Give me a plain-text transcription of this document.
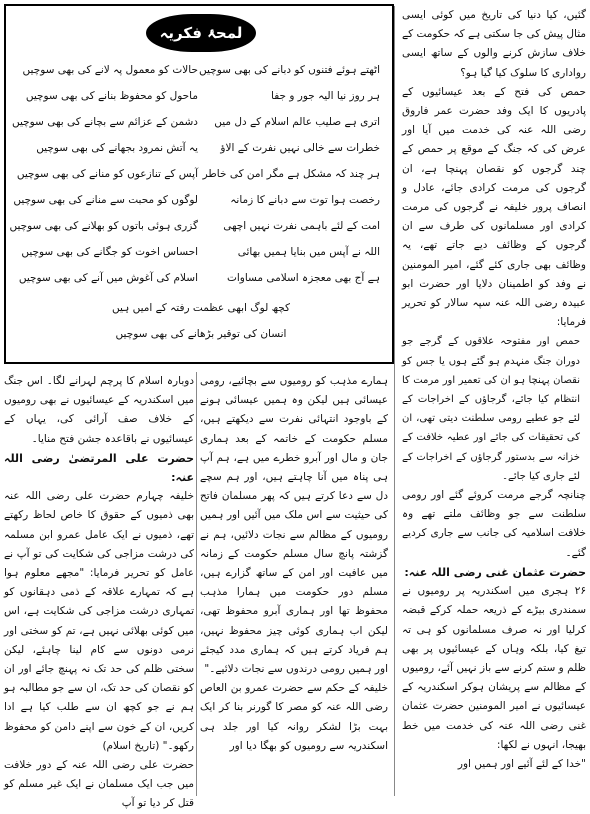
گئیں، کیا دنیا کی تاریخ میں کوئی ایسی مثال پیش کی جا سکتی ہے کہ حکومت کے خلاف سازش کرنے والوں کے ساتھ ایسی رواداری کا سلوک کیا گیا ہو؟

حمص کی فتح کے بعد عیسائیوں کے پادریوں کا ایک وفد حضرت عمر فاروق رضی اللہ عنہ کی خدمت میں آیا اور عرض کی کہ جنگ کے موقع پر حمص کے چند گرجوں کو نقصان پہنچا ہے، ان گرجوں کی مرمت کرادی جائے، عادل و انصاف پرور خلیفہ نے گرجوں کی مرمت کرادی اور مسلمانوں کی طرف سے ان گرجوں کے وظائف دیے جاتے تھے، یہ وظائف بھی جاری کئے گئے، امیر المومنین نے وفد کو اطمینان دلایا اور حضرت ابو عبیدہ رضی اللہ عنہ سپہ سالار کو تحریر فرمایا:

حمص اور مفتوحہ علاقوں کے گرجے جو دوران جنگ منہدم ہو گئے ہوں یا جس کو نقصان پہنچا ہو ان کی تعمیر اور مرمت کا انتظام کیا جائے، گرجاؤں کے اخراجات کے لئے جو عطیے رومی سلطنت دیتی تھی، ان کی تحقیقات کی جائے اور عطیہ خلافت کے خزانہ سے بدستور گرجاؤں کے اخراجات کے لئے جاری کیا جائے۔

چنانچہ گرجے مرمت کروئے گئے اور رومی سلطنت سے جو وظائف ملتے تھے وہ خلافت اسلامیہ کی جانب سے جاری کردیے گئے۔

حضرت عثمان غنی رضی اللہ عنہ:

۲۶ ہجری میں اسکندریہ پر رومیوں نے سمندری بیڑے کے ذریعہ حملہ کرکے قبضہ کرلیا اور نہ صرف مسلمانوں کو ہی تہ تیغ کیا، بلکہ وہاں کے عیسائیوں پر بھی ظلم و ستم کرنے سے باز نہیں آئے، رومیوں کے مظالم سے پریشان ہوکر اسکندریہ کے عیسائیوں نے امیر المومنین حضرت عثمان غنی رضی اللہ عنہ کی خدمت میں خط بھیجا، انہوں نے لکھا:

"خدا کے لئے آئیے اور ہمیں اور

لمحۂ فکریہ
اٹھتے ہوئے فتنوں کو دبانے کی بھی سوچیں
حالات کو معمول پہ لانے کی بھی سوچیں
ہر روز نیا الیہ جور و جفا
ماحول کو محفوظ بنانے کی بھی سوچیں
اتری ہے صلیب عالم اسلام کے دل میں
دشمن کے عزائم سے بچانے کی بھی سوچیں
خطرات سے خالی نہیں نفرت کے الاؤ
یہ آتش نمرود بجھانے کی بھی سوچیں
ہر چند کہ مشکل ہے مگر امن کی خاطر
آپس کے تنازعوں کو منانے کی بھی سوچیں
رخصت ہوا توت سے دبانے کا زمانہ
لوگوں کو محبت سے منانے کی بھی سوچیں
امت کے لئے باہمی نفرت نہیں اچھی
گزری ہوئی باتوں کو بھلانے کی بھی سوچیں
اللہ نے آپس میں بنایا ہمیں بھائی
احساس اخوت کو جگانے کی بھی سوچیں
ہے آج بھی معجزہ اسلامی مساوات
اسلام کی آغوش میں آنے کی بھی سوچیں
کچھ لوگ ابھی عظمت رفتہ کے امیں ہیں
انسان کی توقیر بڑھانے کی بھی سوچیں

ہمارے مذہب کو رومیوں سے بچائیے، رومی عیسائی ہیں لیکن وہ ہمیں عیسائی ہونے کے باوجود انتہائی نفرت سے دیکھتے ہیں، مسلم حکومت کے خاتمہ کے بعد ہماری جان و مال اور آبرو خطرے میں ہے، ہم آپ ہی پناہ میں آنا چاہتے ہیں، اور ہم سچے دل سے دعا کرتے ہیں کہ پھر مسلمان فاتح کی حیثیت سے اس ملک میں آئیں اور ہمیں رومیوں کے مظالم سے نجات دلائیں، ہم نے گزشتہ پانچ سال مسلم حکومت کے زمانہ میں عافیت اور امن کے ساتھ گزارے ہیں، مسلم دور حکومت میں ہمارا مذہب محفوظ تھا اور ہماری آبرو محفوظ تھی، لیکن اب ہماری کوئی چیز محفوظ نہیں، ہم فریاد کرتے ہیں کہ ہماری مدد کیجئے اور ہمیں رومی درندوں سے نجات دلائیے۔"

خلیفہ کے حکم سے حضرت عمرو بن العاص رضی اللہ عنہ کو مصر کا گورنر بنا کر ایک بہت بڑا لشکر روانہ کیا اور جلد ہی اسکندریہ سے رومیوں کو بھگا دیا اور

دوبارہ اسلام کا پرچم لہرانے لگا۔ اس جنگ میں اسکندریہ کے عیسائیوں نے بھی رومیوں کے خلاف صف آرائی کی، یہاں کے عیسائیوں نے باقاعدہ جشن فتح منایا۔

حضرت علی المرتضیٰ رضی اللہ عنہ:

خلیفہ چہارم حضرت علی رضی اللہ عنہ بھی ذمیوں کے حقوق کا خاص لحاظ رکھتے تھے، ذمیوں نے ایک عامل عمرو ابن مسلمہ کی درشت مزاجی کی شکایت کی تو آپ نے عامل کو تحریر فرمایا: "مجھے معلوم ہوا ہے کہ تمہارے علاقہ کے ذمی دہقانوں کو تمہاری درشت مزاجی کی شکایت ہے، اس میں کوئی بھلائی نہیں ہے، تم کو سختی اور نرمی دونوں سے کام لینا چاہئے، لیکن سختی ظلم کی حد تک نہ پہنچ جائے اور ان کو نقصان کی حد تک، ان سے جو مطالبہ ہو ہم نے جو کچھ ان سے طلب کیا ہے ادا کریں، ان کے خون سے اپنے دامن کو محفوظ رکھو۔" (تاریخ اسلام)

حضرت علی رضی اللہ عنہ کے دور خلافت میں جب ایک مسلمان نے ایک غیر مسلم کو قتل کر دیا تو آپ
